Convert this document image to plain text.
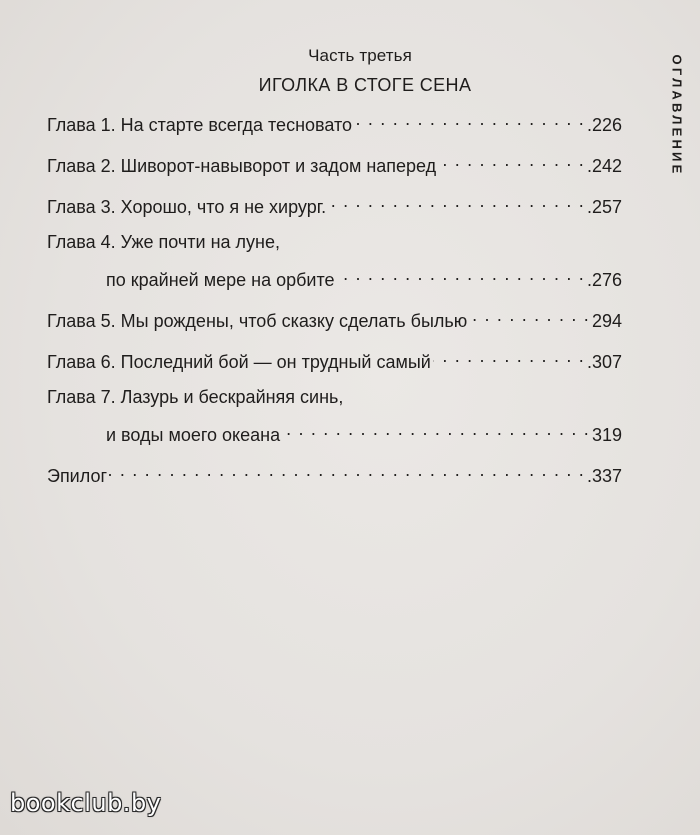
Часть третья
ИГОЛКА В СТОГЕ СЕНА
Глава 1. На старте всегда тесновато . . .	.226
Глава 2. Шиворот-навыворот и задом наперед . . .	.242
Глава 3. Хорошо, что я не хирург. . . .	.257
Глава 4. Уже почти на луне,
по крайней мере на орбите . . .	.276
Глава 5. Мы рождены, чтоб сказку сделать былью . . .	294
Глава 6. Последний бой — он трудный самый . . .	.307
Глава 7. Лазурь и бескрайняя синь,
и воды моего океана . . .	319
Эпилог . . .	.337
ОГЛАВЛЕНИЕ
bookclub.by
